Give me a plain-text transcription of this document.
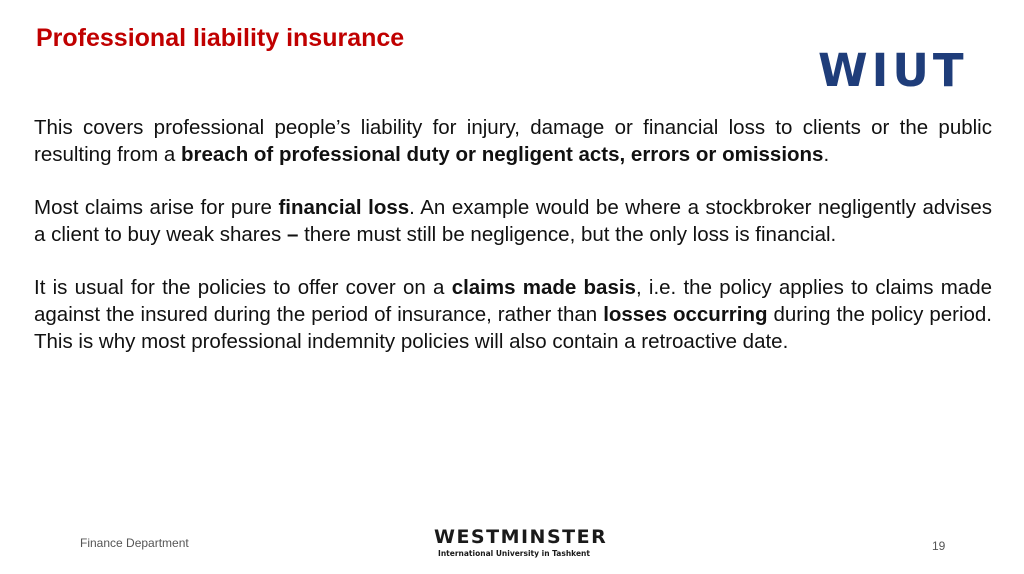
Professional liability insurance
WIUT

This covers professional people’s liability for injury, damage or financial loss to clients or the public resulting from a breach of professional duty or negligent acts, errors or omissions.

Most claims arise for pure financial loss. An example would be where a stockbroker negligently advises a client to buy weak shares – there must still be negligence, but the only loss is financial.

It is usual for the policies to offer cover on a claims made basis, i.e. the policy applies to claims made against the insured during the period of insurance, rather than losses occurring during the policy period. This is why most professional indemnity policies will also contain a retroactive date.

Finance Department	WESTMINSTER
International University in Tashkent
19
